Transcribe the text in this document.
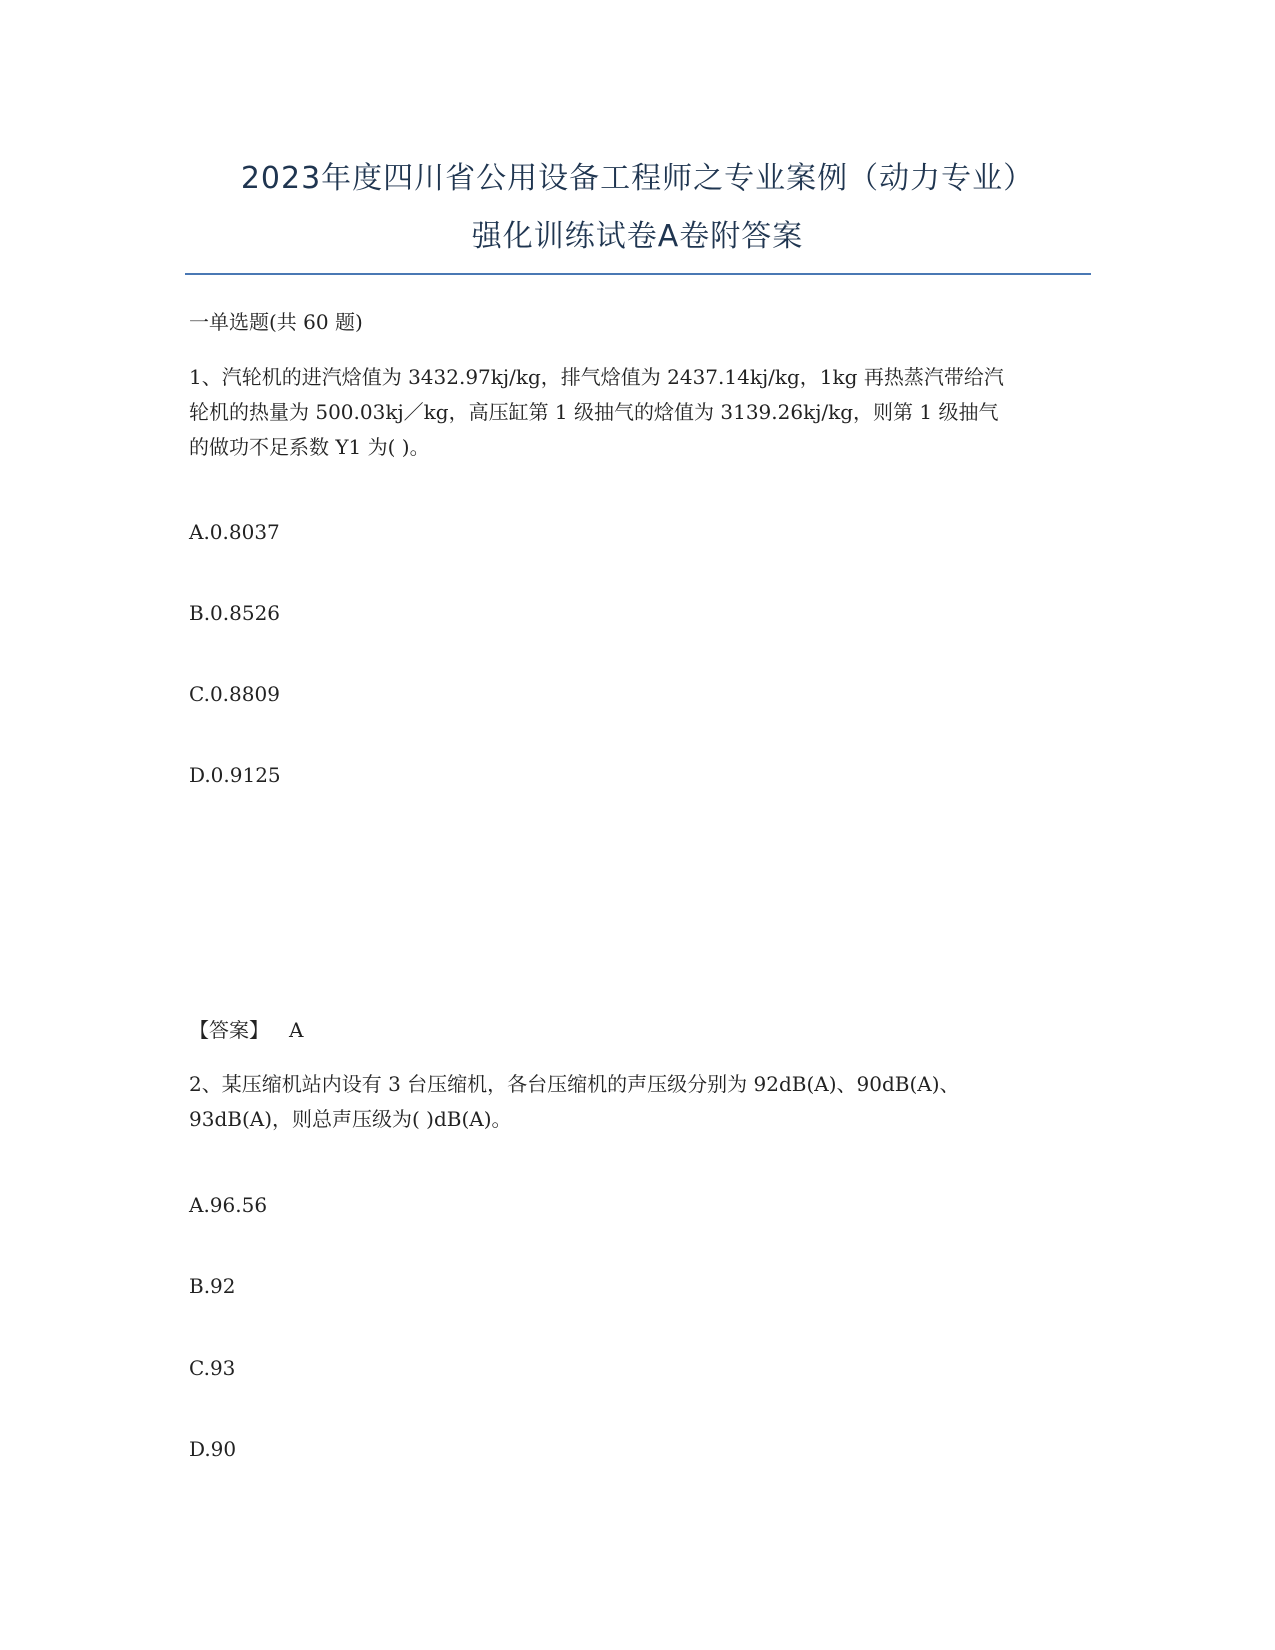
2023年度四川省公用设备工程师之专业案例（动力专业）
强化训练试卷A卷附答案
一单选题(共 60 题)
1、汽轮机的进汽焓值为 3432.97kj/kg，排气焓值为 2437.14kj/kg，1kg 再热蒸汽带给汽
轮机的热量为 500.03kj／kg，高压缸第 1 级抽气的焓值为 3139.26kj/kg，则第 1 级抽气
的做功不足系数 Y1 为( )。
A.0.8037
B.0.8526
C.0.8809
D.0.9125
【答案】 A
2、某压缩机站内设有 3 台压缩机，各台压缩机的声压级分别为 92dB(A)、90dB(A)、
93dB(A)，则总声压级为( )dB(A)。
A.96.56
B.92
C.93
D.90
